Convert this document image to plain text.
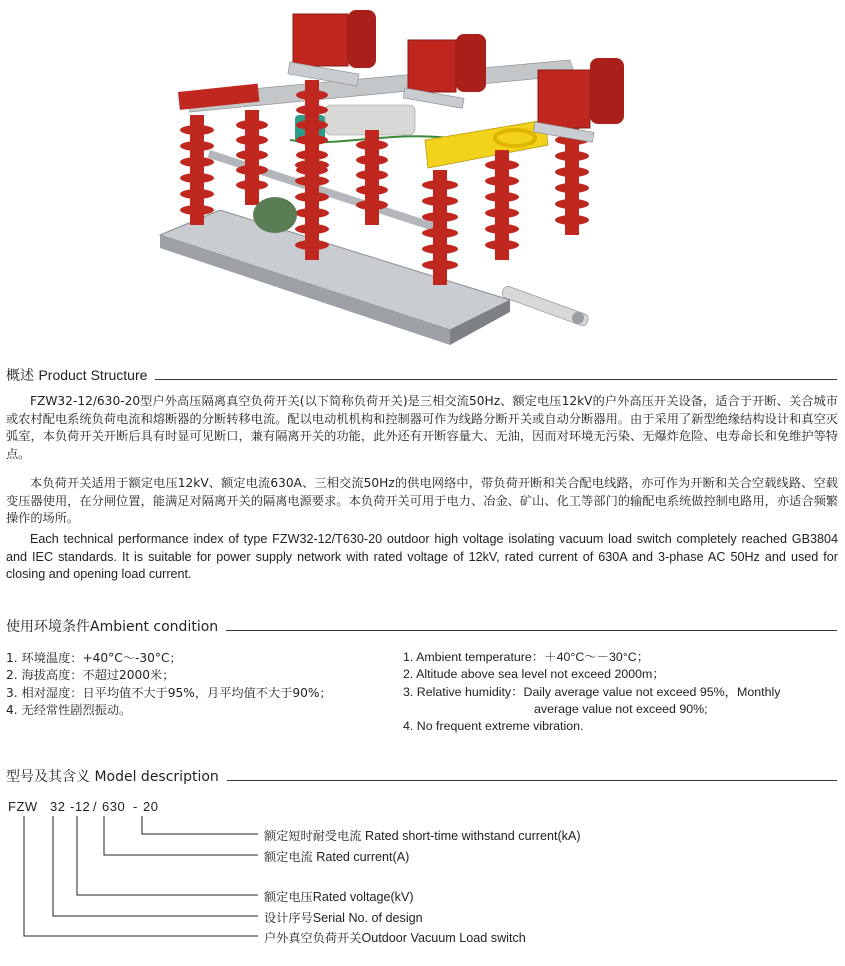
概述 Product Structure

FZW32-12/630-20型户外高压隔离真空负荷开关(以下简称负荷开关)是三相交流50Hz、额定电压12kV的户外高压开关设备，适合于开断、关合城市或农村配电系统负荷电流和熔断器的分断转移电流。配以电动机机构和控制器可作为线路分断开关或自动分断器用。由于采用了新型绝缘结构设计和真空灭弧室，本负荷开关开断后具有时显可见断口，兼有隔离开关的功能，此外还有开断容量大、无油，因而对环境无污染、无爆炸危险、电寿命长和免维护等特点。

本负荷开关适用于额定电压12kV、额定电流630A、三相交流50Hz的供电网络中，带负荷开断和关合配电线路，亦可作为开断和关合空载线路、空载变压器使用，在分闸位置，能满足对隔离开关的隔离电源要求。本负荷开关可用于电力、冶金、矿山、化工等部门的输配电系统做控制电路用，亦适合频繁操作的场所。

Each technical performance index of type FZW32-12/T630-20 outdoor high voltage isolating vacuum load switch completely reached GB3804 and IEC standards. It is suitable for power supply network with rated voltage of 12kV, rated current of 630A and 3-phase AC 50Hz and used for closing and opening load current.

使用环境条件Ambient condition
1. 环境温度：+40°C～-30°C；
2. 海拔高度：不超过2000米；
3. 相对湿度：日平均值不大于95%，月平均值不大于90%；
4. 无经常性剧烈振动。
1. Ambient temperature：＋40°C～－30°C；
2. Altitude above sea level not exceed 2000m；
3. Relative humidity：Daily average value not exceed 95%，Monthly
average value not exceed 90%;
4. No frequent extreme vibration.
型号及其含义 Model description
FZW 32 -12 / 630 - 20
额定短时耐受电流 Rated short-time withstand current(kA)
额定电流 Rated current(A)
额定电压Rated voltage(kV)
设计序号Serial No. of design
户外真空负荷开关Outdoor Vacuum Load switch
